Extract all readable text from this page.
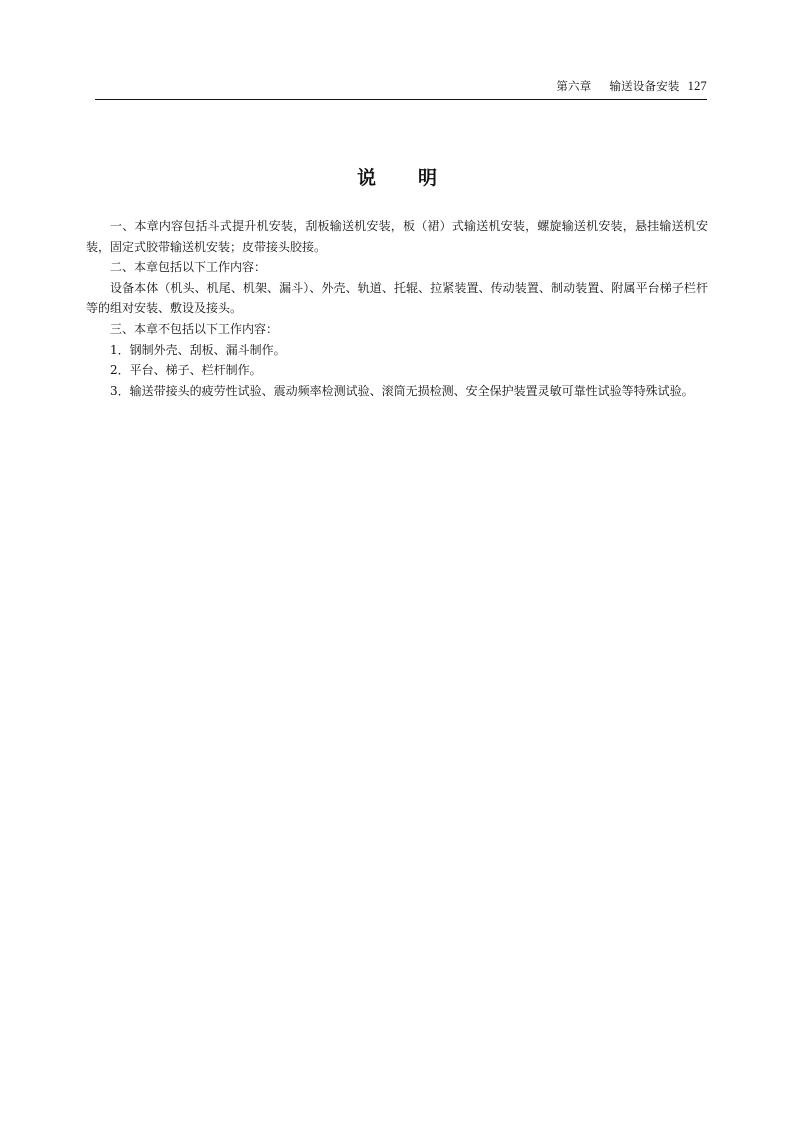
第六章 输送设备安装 127
说明

一、本章内容包括斗式提升机安装，刮板输送机安装，板（裙）式输送机安装，螺旋输送机安装，悬挂输送机安装，固定式胶带输送机安装；皮带接头胶接。

二、本章包括以下工作内容：

设备本体（机头、机尾、机架、漏斗）、外壳、轨道、托辊、拉紧装置、传动装置、制动装置、附属平台梯子栏杆等的组对安装、敷设及接头。

三、本章不包括以下工作内容：

1．钢制外壳、刮板、漏斗制作。

2．平台、梯子、栏杆制作。

3．输送带接头的疲劳性试验、震动频率检测试验、滚筒无损检测、安全保护装置灵敏可靠性试验等特殊试验。
